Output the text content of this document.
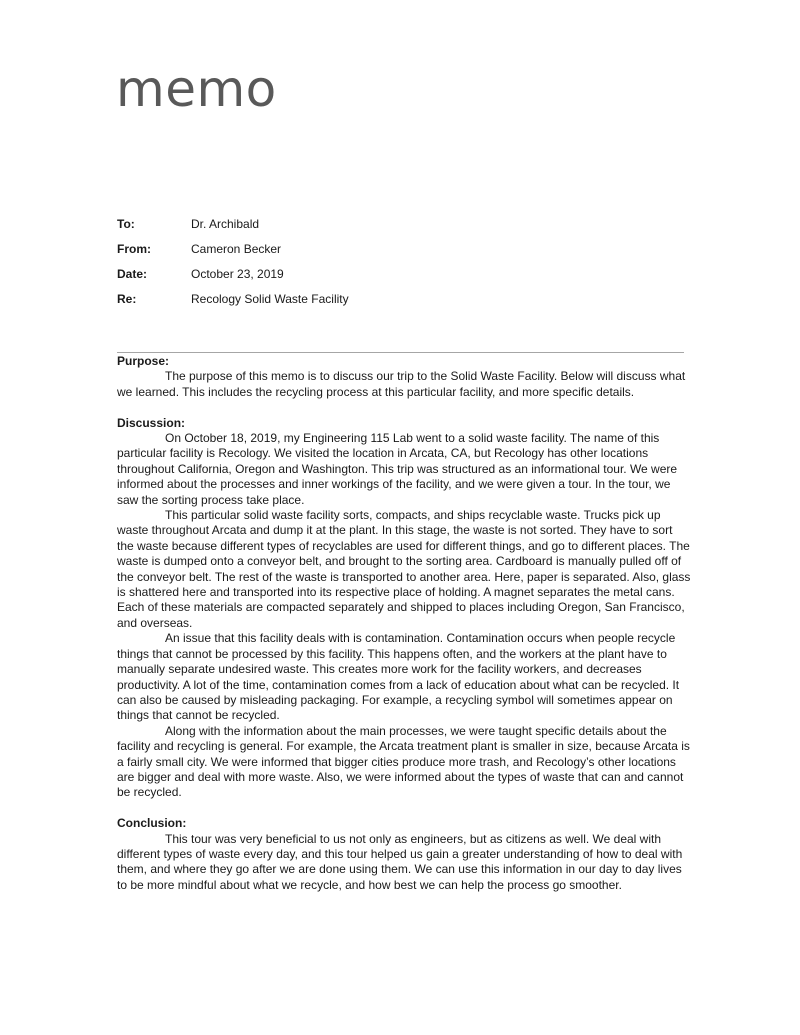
memo
To:	Dr. Archibald
From:	Cameron Becker
Date:	October 23, 2019
Re:	Recology Solid Waste Facility

Purpose:

The purpose of this memo is to discuss our trip to the Solid Waste Facility. Below will discuss what we learned. This includes the recycling process at this particular facility, and more specific details.

Discussion:

On October 18, 2019, my Engineering 115 Lab went to a solid waste facility. The name of this particular facility is Recology. We visited the location in Arcata, CA, but Recology has other locations throughout California, Oregon and Washington. This trip was structured as an informational tour. We were informed about the processes and inner workings of the facility, and we were given a tour. In the tour, we saw the sorting process take place.

This particular solid waste facility sorts, compacts, and ships recyclable waste. Trucks pick up waste throughout Arcata and dump it at the plant. In this stage, the waste is not sorted. They have to sort the waste because different types of recyclables are used for different things, and go to different places. The waste is dumped onto a conveyor belt, and brought to the sorting area. Cardboard is manually pulled off of the conveyor belt. The rest of the waste is transported to another area. Here, paper is separated. Also, glass is shattered here and transported into its respective place of holding. A magnet separates the metal cans. Each of these materials are compacted separately and shipped to places including Oregon, San Francisco, and overseas.

An issue that this facility deals with is contamination. Contamination occurs when people recycle things that cannot be processed by this facility. This happens often, and the workers at the plant have to manually separate undesired waste. This creates more work for the facility workers, and decreases productivity. A lot of the time, contamination comes from a lack of education about what can be recycled. It can also be caused by misleading packaging. For example, a recycling symbol will sometimes appear on things that cannot be recycled.

Along with the information about the main processes, we were taught specific details about the facility and recycling is general. For example, the Arcata treatment plant is smaller in size, because Arcata is a fairly small city. We were informed that bigger cities produce more trash, and Recology’s other locations are bigger and deal with more waste. Also, we were informed about the types of waste that can and cannot be recycled.

Conclusion:

This tour was very beneficial to us not only as engineers, but as citizens as well. We deal with different types of waste every day, and this tour helped us gain a greater understanding of how to deal with them, and where they go after we are done using them. We can use this information in our day to day lives to be more mindful about what we recycle, and how best we can help the process go smoother.
